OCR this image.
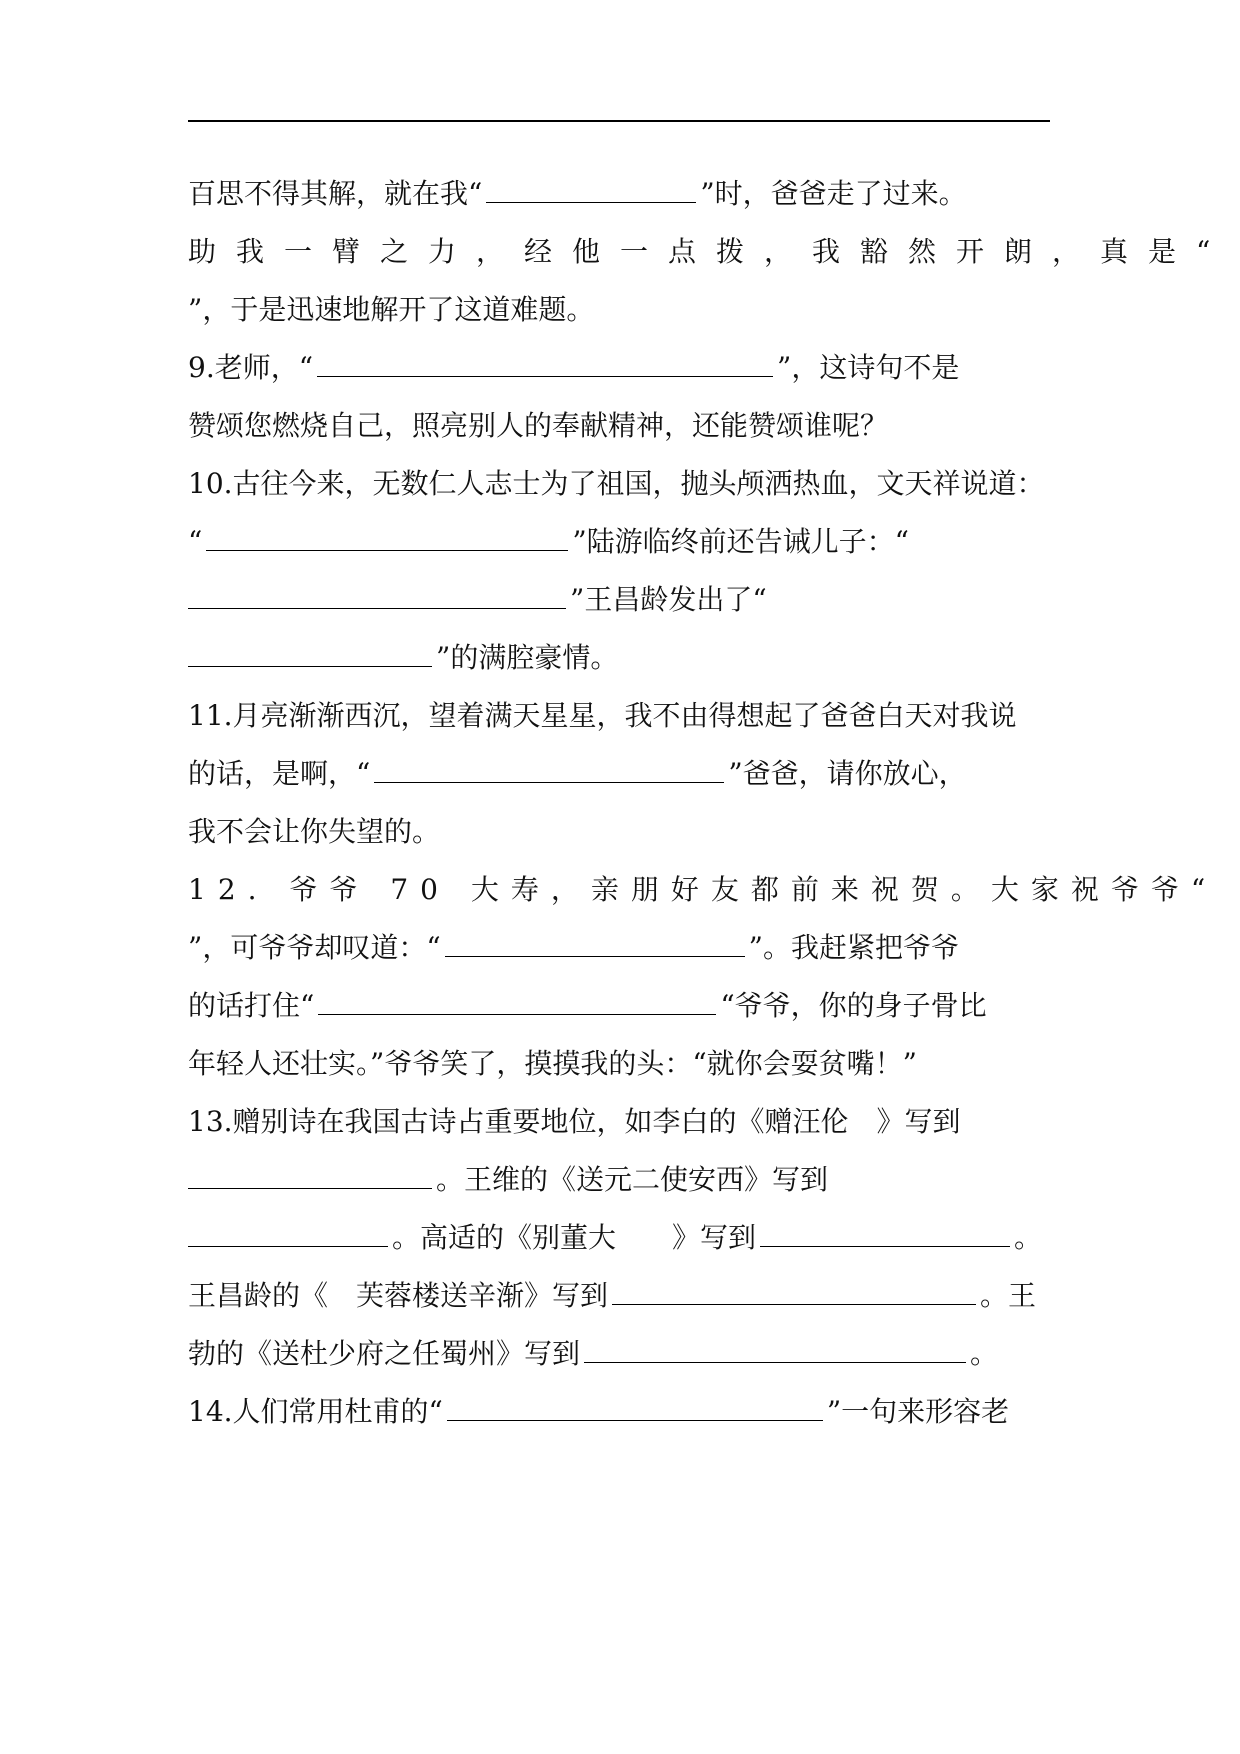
百思不得其解，就在我“	”时，爸爸走了过来。
助我一臂之力，经他一点拨，我豁然开朗，真是“
”，于是迅速地解开了这道难题。
9.老师，“	”，这诗句不是
赞颂您燃烧自己，照亮别人的奉献精神，还能赞颂谁呢？
10.古往今来，无数仁人志士为了祖国，抛头颅洒热血，文天祥说道：
“	”陆游临终前还告诫儿子：“
”王昌龄发出了“
”的满腔豪情。
11.月亮渐渐西沉，望着满天星星，我不由得想起了爸爸白天对我说
的话，是啊，“	”爸爸，请你放心，
我不会让你失望的。
12. 爷爷 70 大寿，亲朋好友都前来祝贺。大家祝爷爷“
”，可爷爷却叹道：“	”。我赶紧把爷爷
的话打住“	“爷爷，你的身子骨比
年轻人还壮实。”爷爷笑了，摸摸我的头：“就你会耍贫嘴！”
13.赠别诗在我国古诗占重要地位，如李白的《赠汪伦　》写到
。王维的《送元二使安西》写到
。高适的《别董大　　》写到	。
王昌龄的《　芙蓉楼送辛渐》写到	。王
勃的《送杜少府之任蜀州》写到	。
14.人们常用杜甫的“	”一句来形容老
